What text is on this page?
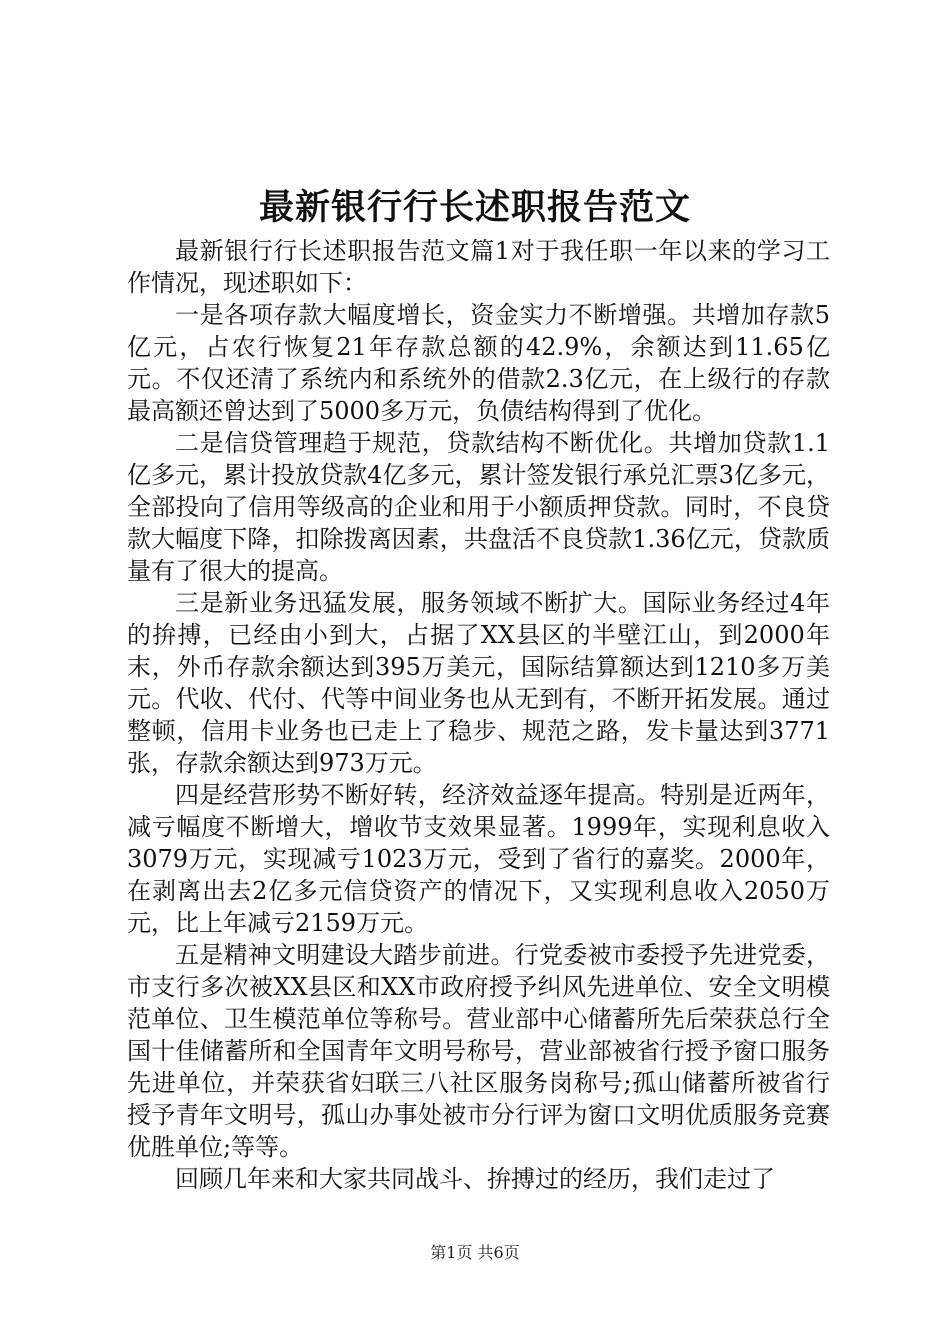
最新银行行长述职报告范文

最新银行行长述职报告范文篇1对于我任职一年以来的学习工作情况，现述职如下：

一是各项存款大幅度增长，资金实力不断增强。共增加存款5亿元，占农行恢复21年存款总额的42.9%，余额达到11.65亿元。不仅还清了系统内和系统外的借款2.3亿元，在上级行的存款最高额还曾达到了5000多万元，负债结构得到了优化。

二是信贷管理趋于规范，贷款结构不断优化。共增加贷款1.1亿多元，累计投放贷款4亿多元，累计签发银行承兑汇票3亿多元，全部投向了信用等级高的企业和用于小额质押贷款。同时，不良贷款大幅度下降，扣除拨离因素，共盘活不良贷款1.36亿元，贷款质量有了很大的提高。

三是新业务迅猛发展，服务领域不断扩大。国际业务经过4年的拚搏，已经由小到大，占据了XX县区的半壁江山，到2000年末，外币存款余额达到395万美元，国际结算额达到1210多万美元。代收、代付、代等中间业务也从无到有，不断开拓发展。通过整顿，信用卡业务也已走上了稳步、规范之路，发卡量达到3771张，存款余额达到973万元。

四是经营形势不断好转，经济效益逐年提高。特别是近两年，减亏幅度不断增大，增收节支效果显著。1999年，实现利息收入3079万元，实现减亏1023万元，受到了省行的嘉奖。2000年，在剥离出去2亿多元信贷资产的情况下，又实现利息收入2050万元，比上年减亏2159万元。

五是精神文明建设大踏步前进。行党委被市委授予先进党委，市支行多次被XX县区和XX市政府授予纠风先进单位、安全文明模范单位、卫生模范单位等称号。营业部中心储蓄所先后荣获总行全国十佳储蓄所和全国青年文明号称号，营业部被省行授予窗口服务先进单位，并荣获省妇联三八社区服务岗称号;孤山储蓄所被省行授予青年文明号，孤山办事处被市分行评为窗口文明优质服务竞赛优胜单位;等等。

回顾几年来和大家共同战斗、拚搏过的经历，我们走过了

第1页 共6页
